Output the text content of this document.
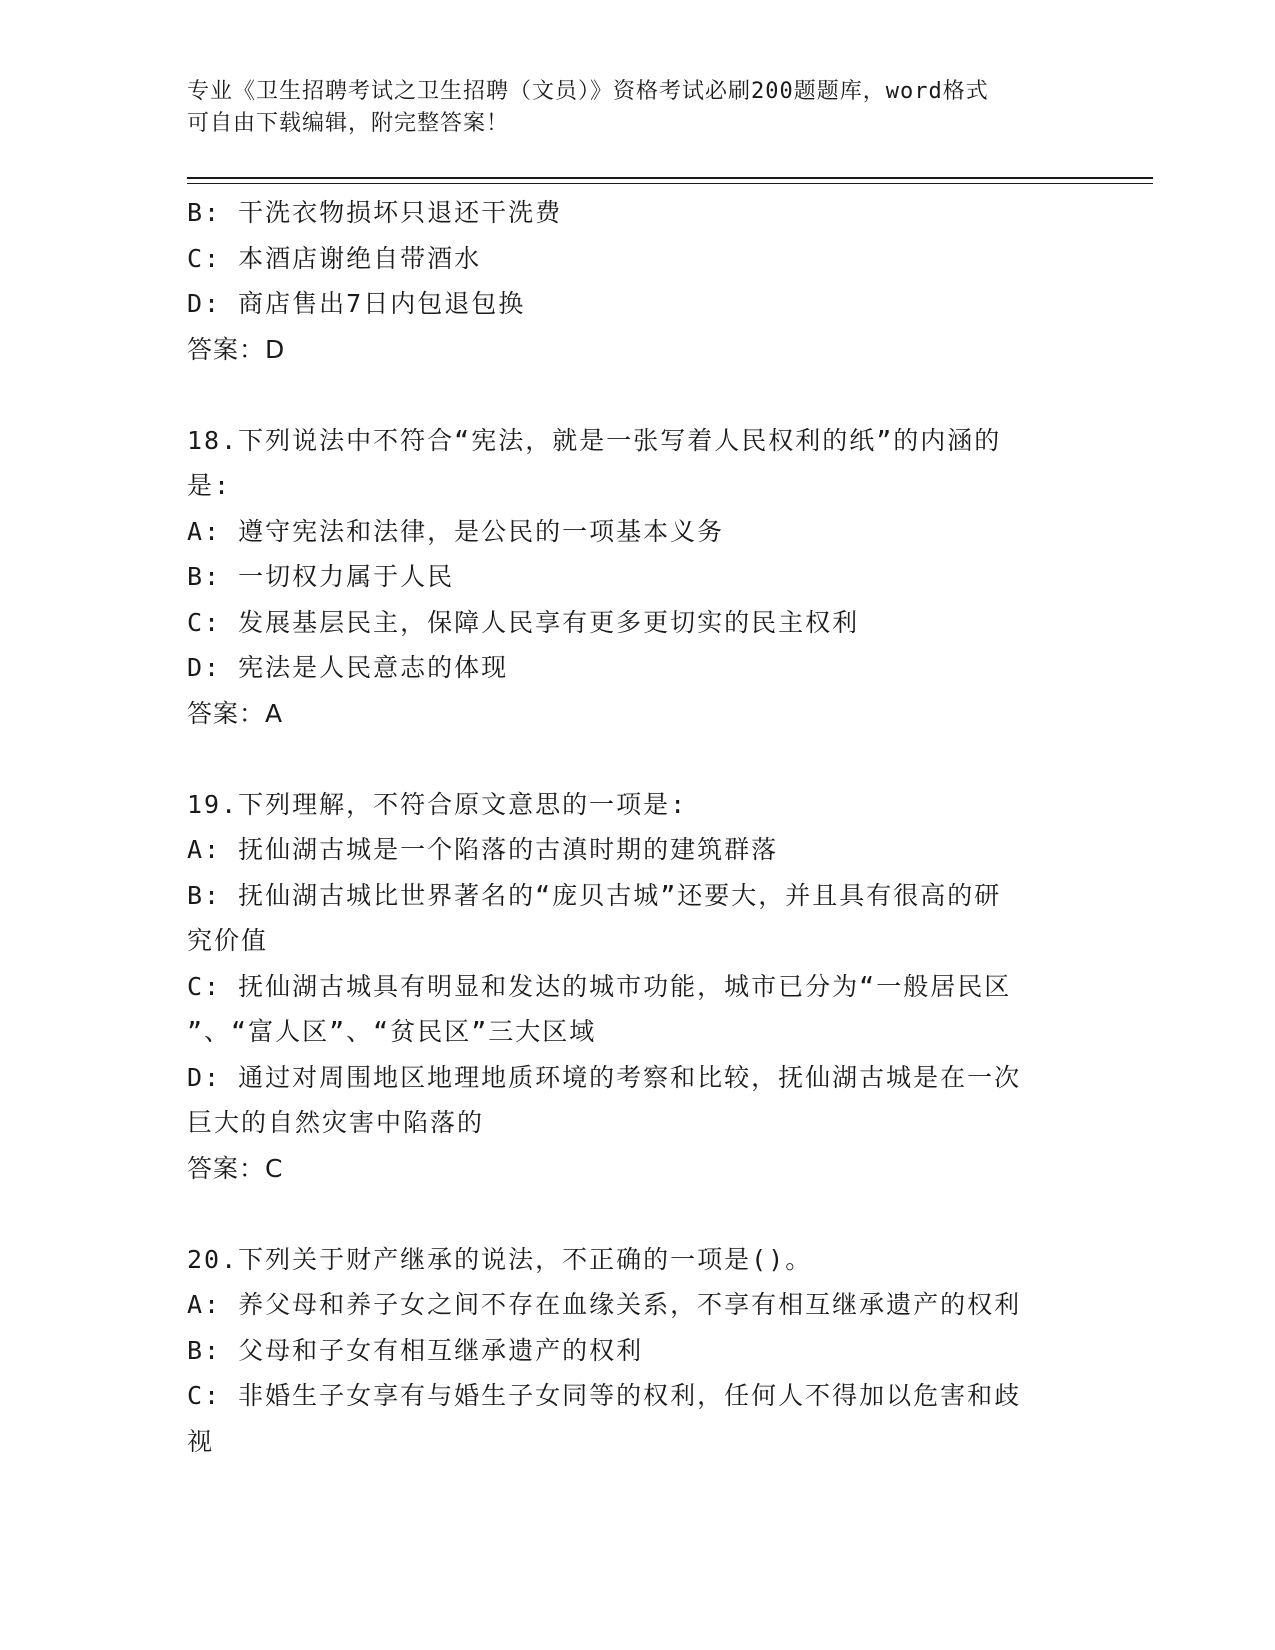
专业《卫生招聘考试之卫生招聘（文员）》资格考试必刷200题题库，word格式
可自由下载编辑，附完整答案！
B: 干洗衣物损坏只退还干洗费
C: 本酒店谢绝自带酒水
D: 商店售出7日内包退包换
答案：D
18.下列说法中不符合“宪法，就是一张写着人民权利的纸”的内涵的
是:
A: 遵守宪法和法律，是公民的一项基本义务
B: 一切权力属于人民
C: 发展基层民主，保障人民享有更多更切实的民主权利
D: 宪法是人民意志的体现
答案：A
19.下列理解，不符合原文意思的一项是:
A: 抚仙湖古城是一个陷落的古滇时期的建筑群落
B: 抚仙湖古城比世界著名的“庞贝古城”还要大，并且具有很高的研
究价值
C: 抚仙湖古城具有明显和发达的城市功能，城市已分为“一般居民区
”、“富人区”、“贫民区”三大区域
D: 通过对周围地区地理地质环境的考察和比较，抚仙湖古城是在一次
巨大的自然灾害中陷落的
答案：C
20.下列关于财产继承的说法，不正确的一项是()。
A: 养父母和养子女之间不存在血缘关系，不享有相互继承遗产的权利
B: 父母和子女有相互继承遗产的权利
C: 非婚生子女享有与婚生子女同等的权利，任何人不得加以危害和歧
视
